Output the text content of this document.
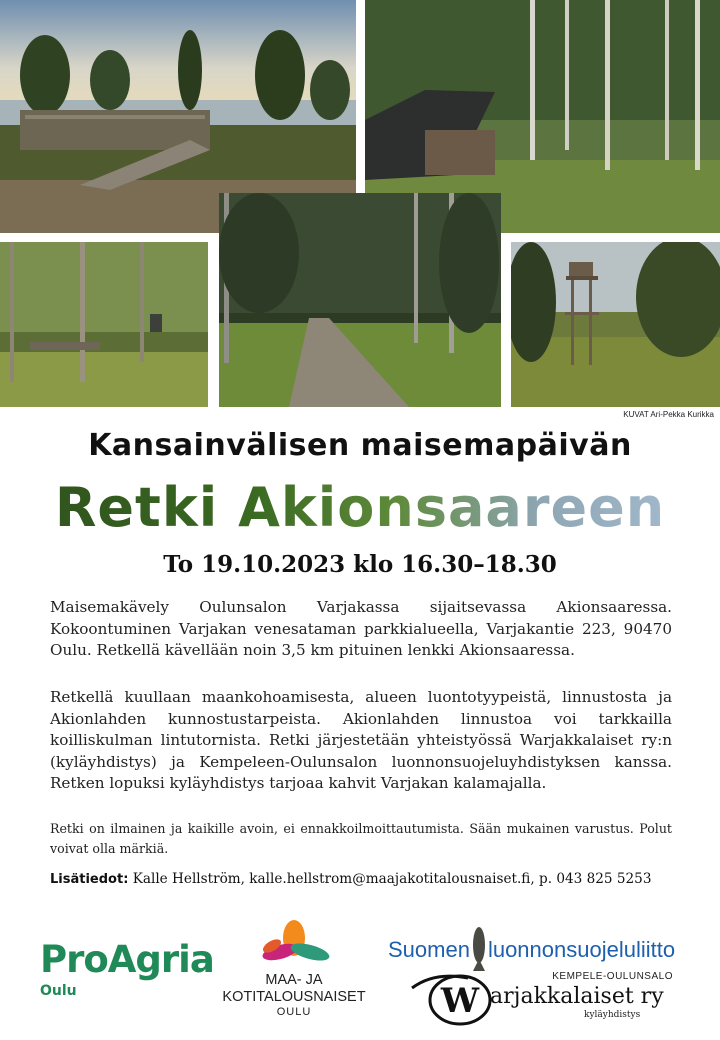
KUVAT Ari-Pekka Kurikka
Kansainvälisen maisemapäivän
Retki Akionsaareen
To 19.10.2023 klo 16.30–18.30
Maisemakävely Oulunsalon Varjakassa sijaitsevassa Akionsaaressa. Kokoontuminen Varjakan venesataman parkkialueella, Varjakantie 223, 90470 Oulu. Retkellä kävellään noin 3,5 km pituinen lenkki Akionsaaressa.
Retkellä kuullaan maankohoamisesta, alueen luontotyypeistä, linnustosta ja Akionlahden kunnostustarpeista. Akionlahden linnustoa voi tarkkailla koilliskulman lintutornista. Retki järjestetään yhteistyössä Warjakkalaiset ry:n (kyläyhdistys) ja Kempeleen-Oulunsalon luonnonsuojeluyhdistyksen kanssa. Retken lopuksi kyläyhdistys tarjoaa kahvit Varjakan kalamajalla.
Retki on ilmainen ja kaikille avoin, ei ennakkoilmoittautumista. Sään mukainen varustus. Polut voivat olla märkiä.
Lisätiedot: Kalle Hellström, kalle.hellstrom@maajakotitalousnaiset.fi, p. 043 825 5253
ProAgria
Oulu
MAA- JA
KOTITALOUSNAISET
OULU
Suomen luonnonsuojeluliitto
KEMPELE-OULUNSALO
W arjakkalaiset ry
kyläyhdistys
